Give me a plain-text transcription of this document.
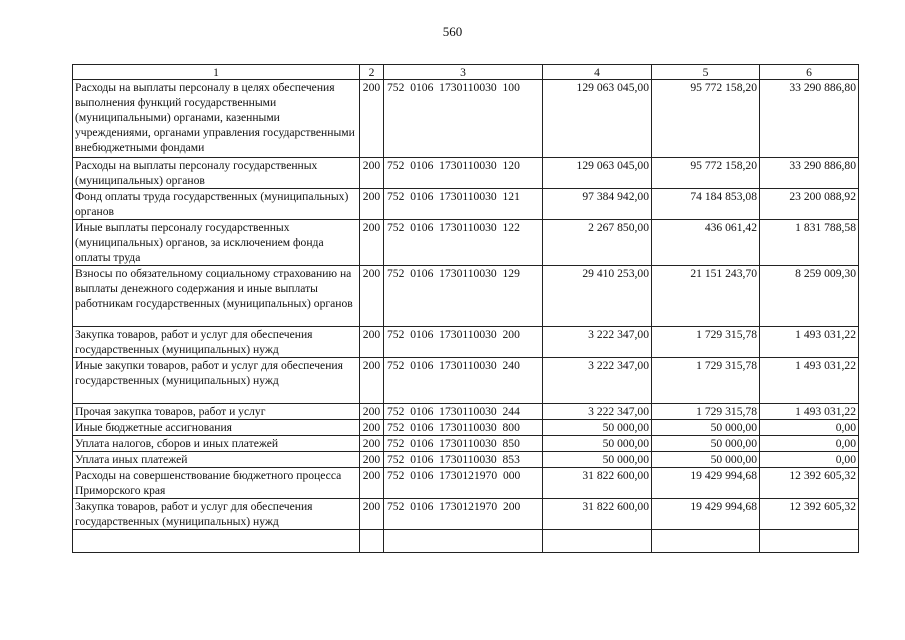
560
1	2	3	4	5	6
Расходы на выплаты персоналу в целях обеспечения выполнения функций государственными (муниципальными) органами, казенными учреждениями, органами управления государственными внебюджетными фондами	200	752  0106  1730110030  100	129 063 045,00	95 772 158,20	33 290 886,80
Расходы на выплаты персоналу государственных (муниципальных) органов	200	752  0106  1730110030  120	129 063 045,00	95 772 158,20	33 290 886,80
Фонд оплаты труда государственных (муниципальных) органов	200	752  0106  1730110030  121	97 384 942,00	74 184 853,08	23 200 088,92
Иные выплаты персоналу государственных (муниципальных) органов, за исключением фонда оплаты труда	200	752  0106  1730110030  122	2 267 850,00	436 061,42	1 831 788,58
Взносы по обязательному социальному страхованию на выплаты денежного содержания и иные выплаты работникам государственных (муниципальных) органов	200	752  0106  1730110030  129	29 410 253,00	21 151 243,70	8 259 009,30
Закупка товаров, работ и услуг для обеспечения государственных (муниципальных) нужд	200	752  0106  1730110030  200	3 222 347,00	1 729 315,78	1 493 031,22
Иные закупки товаров, работ и услуг для обеспечения государственных (муниципальных) нужд	200	752  0106  1730110030  240	3 222 347,00	1 729 315,78	1 493 031,22
Прочая закупка товаров, работ и услуг	200	752  0106  1730110030  244	3 222 347,00	1 729 315,78	1 493 031,22
Иные бюджетные ассигнования	200	752  0106  1730110030  800	50 000,00	50 000,00	0,00
Уплата налогов, сборов и иных платежей	200	752  0106  1730110030  850	50 000,00	50 000,00	0,00
Уплата иных платежей	200	752  0106  1730110030  853	50 000,00	50 000,00	0,00
Расходы на совершенствование бюджетного процесса Приморского края	200	752  0106  1730121970  000	31 822 600,00	19 429 994,68	12 392 605,32
Закупка товаров, работ и услуг для обеспечения государственных (муниципальных) нужд	200	752  0106  1730121970  200	31 822 600,00	19 429 994,68	12 392 605,32
